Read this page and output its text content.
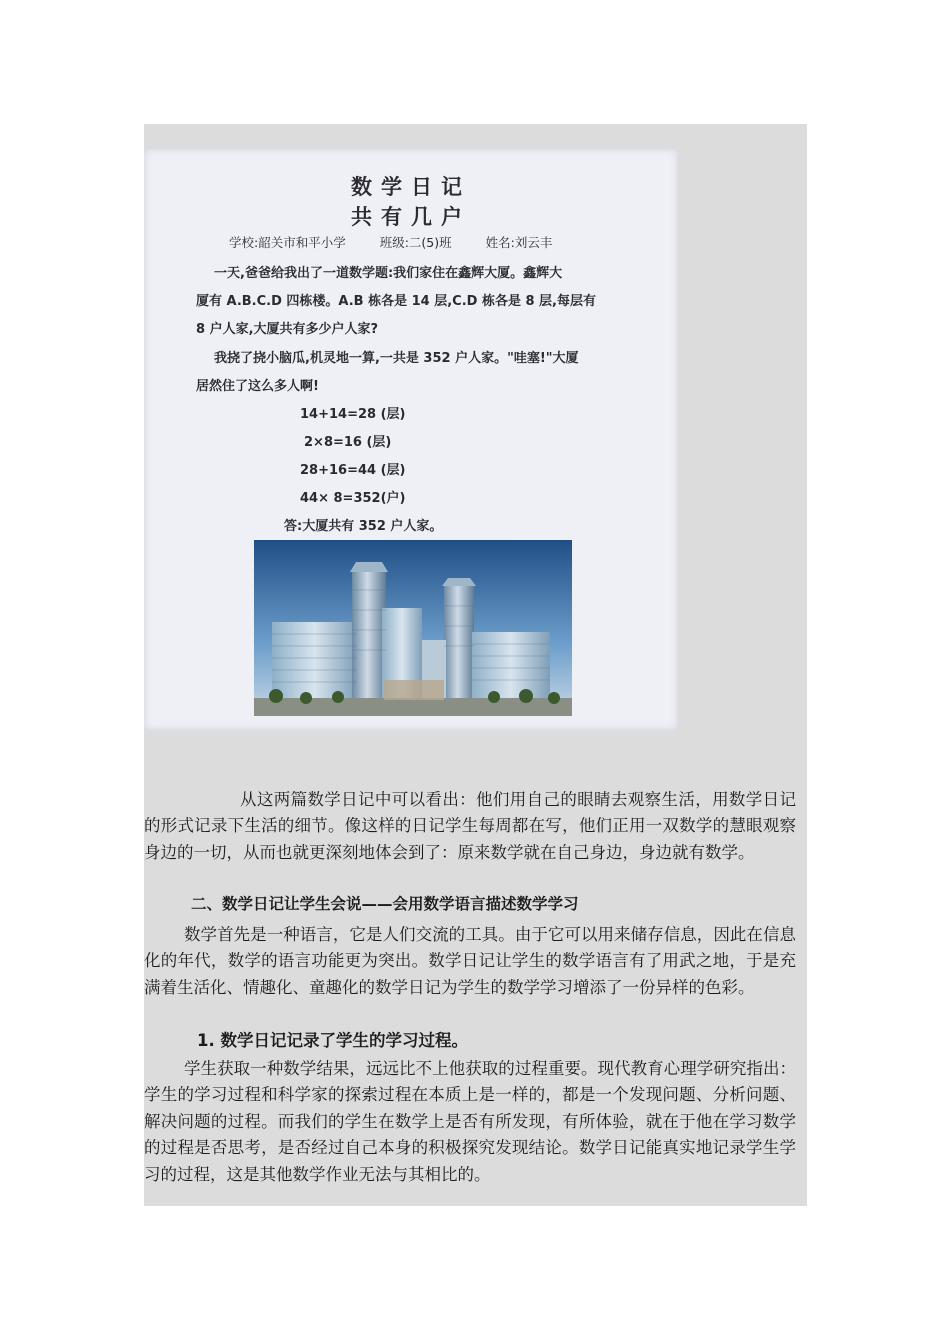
数学日记
共有几户
学校:韶关市和平小学	班级:二(5)班	姓名:刘云丰
一天,爸爸给我出了一道数学题:我们家住在鑫辉大厦。鑫辉大
厦有 A.B.C.D 四栋楼。A.B 栋各是 14 层,C.D 栋各是 8 层,每层有
8 户人家,大厦共有多少户人家?
我挠了挠小脑瓜,机灵地一算,一共是 352 户人家。"哇塞!"大厦
居然住了这么多人啊!
14+14=28 (层)
2×8=16 (层)
28+16=44 (层)
44× 8=352(户)
答:大厦共有 352 户人家。
从这两篇数学日记中可以看出：他们用自己的眼睛去观察生活，用数学日记的形式记录下生活的细节。像这样的日记学生每周都在写，他们正用一双数学的慧眼观察身边的一切，从而也就更深刻地体会到了：原来数学就在自己身边，身边就有数学。
二、数学日记让学生会说——会用数学语言描述数学学习
数学首先是一种语言，它是人们交流的工具。由于它可以用来储存信息，因此在信息化的年代，数学的语言功能更为突出。数学日记让学生的数学语言有了用武之地，于是充满着生活化、情趣化、童趣化的数学日记为学生的数学学习增添了一份异样的色彩。
1. 数学日记记录了学生的学习过程。
学生获取一种数学结果，远远比不上他获取的过程重要。现代教育心理学研究指出：学生的学习过程和科学家的探索过程在本质上是一样的，都是一个发现问题、分析问题、解决问题的过程。而我们的学生在数学上是否有所发现，有所体验，就在于他在学习数学的过程是否思考，是否经过自己本身的积极探究发现结论。数学日记能真实地记录学生学习的过程，这是其他数学作业无法与其相比的。
